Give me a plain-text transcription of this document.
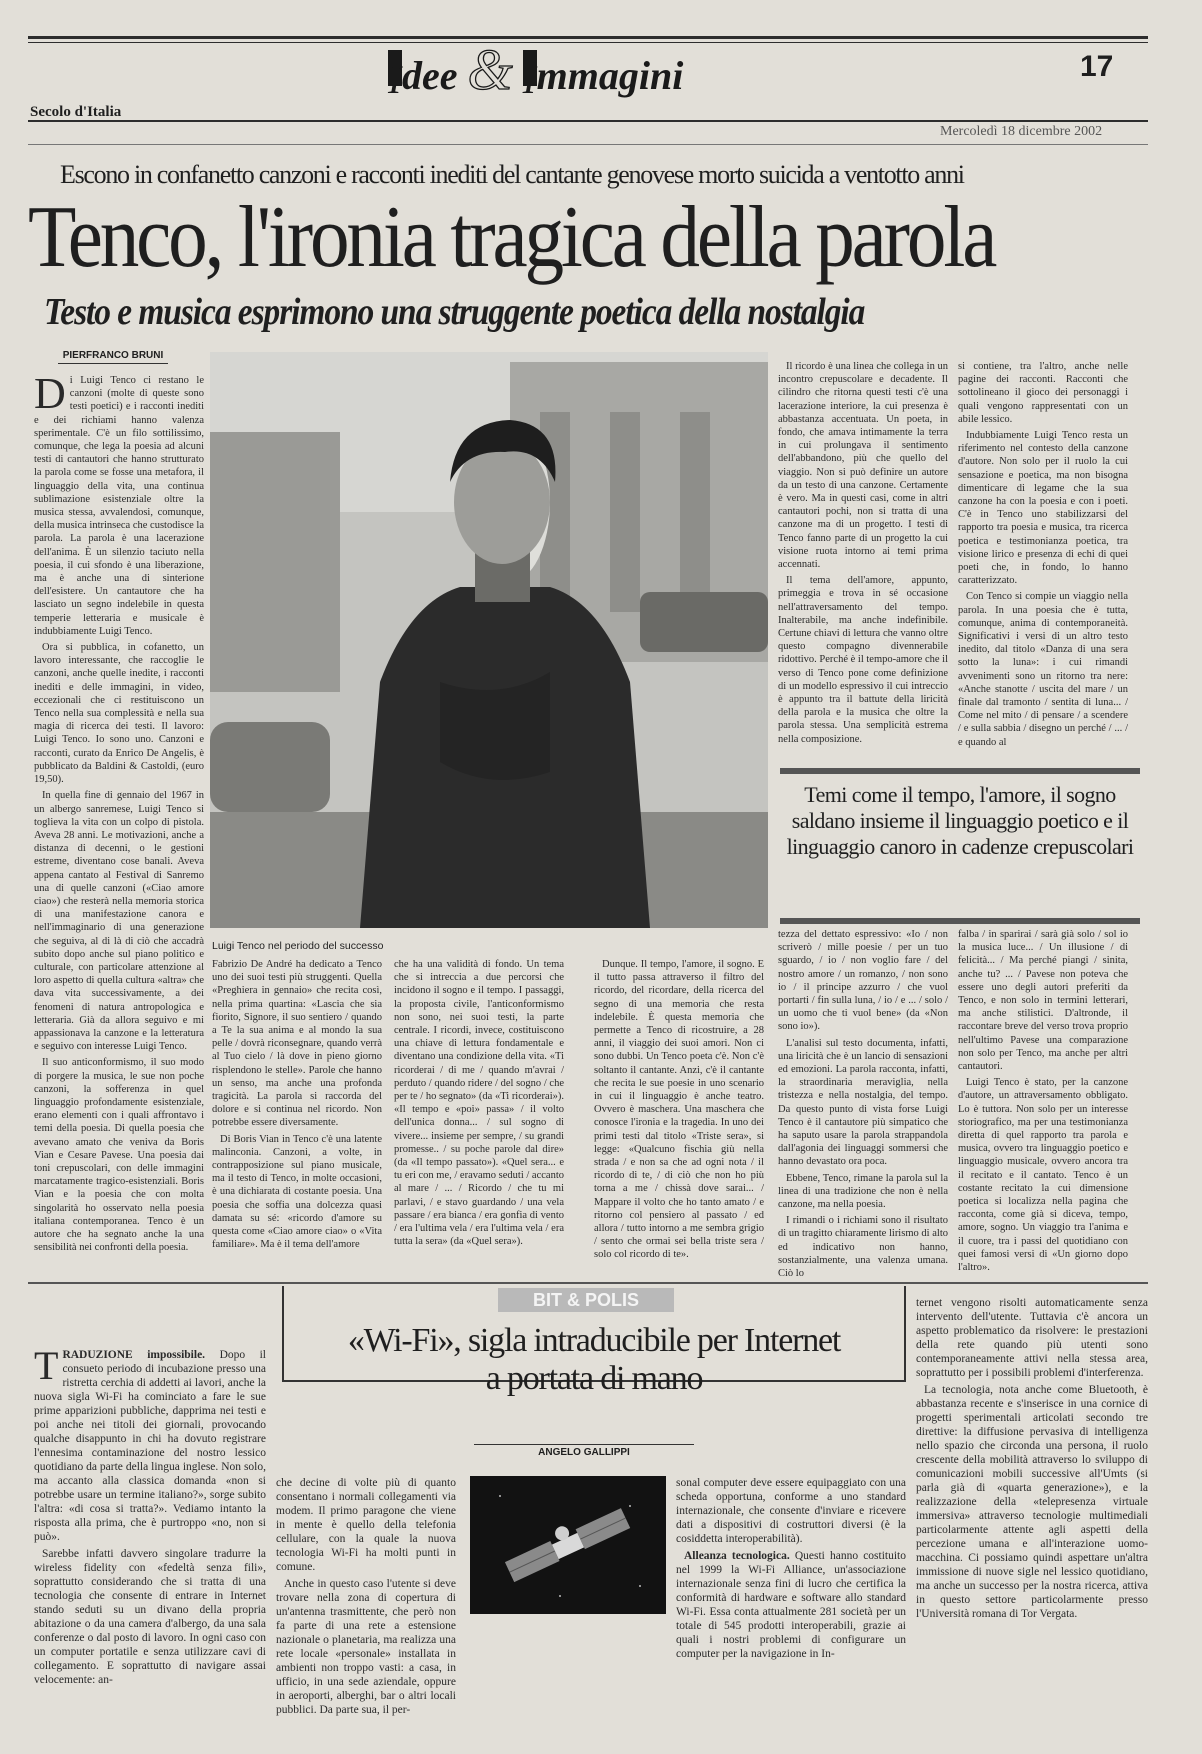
Idee & Immagini	17
Secolo d'Italia
Mercoledì 18 dicembre 2002
Escono in confanetto canzoni e racconti inediti del cantante genovese morto suicida a ventotto anni
Tenco, l'ironia tragica della parola
Testo e musica esprimono una struggente poetica della nostalgia
PIERFRANCO BRUNI

Di Luigi Tenco ci restano le canzoni (molte di queste sono testi poetici) e i racconti inediti e dei richiami hanno valenza sperimentale. C'è un filo sottilissimo, comunque, che lega la poesia ad alcuni testi di cantautori che hanno strutturato la parola come se fosse una metafora, il linguaggio della vita, una continua sublimazione esistenziale oltre la musica stessa, avvalendosi, comunque, della musica intrinseca che custodisce la parola. La parola è una lacerazione dell'anima. È un silenzio taciuto nella poesia, il cui sfondo è una liberazione, ma è anche una di sinterione dell'esistere. Un cantautore che ha lasciato un segno indelebile in questa temperie letteraria e musicale è indubbiamente Luigi Tenco.

Ora si pubblica, in cofanetto, un lavoro interessante, che raccoglie le canzoni, anche quelle inedite, i racconti inediti e delle immagini, in video, eccezionali che ci restituiscono un Tenco nella sua complessità e nella sua magia di ricerca dei testi. Il lavoro: Luigi Tenco. Io sono uno. Canzoni e racconti, curato da Enrico De Angelis, è pubblicato da Baldini & Castoldi, (euro 19,50).

In quella fine di gennaio del 1967 in un albergo sanremese, Luigi Tenco si toglieva la vita con un colpo di pistola. Aveva 28 anni. Le motivazioni, anche a distanza di decenni, o le gestioni estreme, diventano cose banali. Aveva appena cantato al Festival di Sanremo una di quelle canzoni («Ciao amore ciao») che resterà nella memoria storica di una manifestazione canora e nell'immaginario di una generazione che seguiva, al di là di ciò che accadrà subito dopo anche sul piano politico e culturale, con particolare attenzione al loro aspetto di quella cultura «altra» che dava vita successivamente, a dei fenomeni di natura antropologica e letteraria. Già da allora seguivo e mi appassionava la canzone e la letteratura e seguivo con interesse Luigi Tenco.

Il suo anticonformismo, il suo modo di porgere la musica, le sue non poche canzoni, la sofferenza in quel linguaggio profondamente esistenziale, erano elementi con i quali affrontavo i temi della poesia. Di quella poesia che avevano amato che veniva da Boris Vian e Cesare Pavese. Una poesia dai toni crepuscolari, con delle immagini marcatamente tragico-esistenziali. Boris Vian e la poesia che con molta singolarità ho osservato nella poesia italiana contemporanea. Tenco è un autore che ha segnato anche la una sensibilità nei confronti della poesia.

Luigi Tenco nel periodo del successo

Il ricordo è una linea che collega in un incontro crepuscolare e decadente. Il cilindro che ritorna questi testi c'è una lacerazione interiore, la cui presenza è abbastanza accentuata. Un poeta, in fondo, che amava intimamente la terra in cui prolungava il sentimento dell'abbandono, più che quello del viaggio. Non si può definire un autore da un testo di una canzone. Certamente è vero. Ma in questi casi, come in altri cantautori pochi, non si tratta di una canzone ma di un progetto. I testi di Tenco fanno parte di un progetto la cui visione ruota intorno ai temi prima accennati.

Il tema dell'amore, appunto, primeggia e trova in sé occasione nell'attraversamento del tempo. Inalterabile, ma anche indefinibile. Certune chiavi di lettura che vanno oltre questo compagno divennerabile ridottivo. Perché è il tempo-amore che il verso di Tenco pone come definizione di un modello espressivo il cui intreccio è appunto tra il battute della liricità della parola e la musica che oltre la parola stessa. Una semplicità estrema nella composizione.

si contiene, tra l'altro, anche nelle pagine dei racconti. Racconti che sottolineano il gioco dei personaggi i quali vengono rappresentati con un abile lessico.

Indubbiamente Luigi Tenco resta un riferimento nel contesto della canzone d'autore. Non solo per il ruolo la cui sensazione e poetica, ma non bisogna dimenticare di legame che la sua canzone ha con la poesia e con i poeti. C'è in Tenco uno stabilizzarsi del rapporto tra poesia e musica, tra ricerca poetica e testimonianza poetica, tra visione lirico e presenza di echi di quei poeti che, in fondo, lo hanno caratterizzato.

Con Tenco si compie un viaggio nella parola. In una poesia che è tutta, comunque, anima di contemporaneità. Significativi i versi di un altro testo inedito, dal titolo «Danza di una sera sotto la luna»: i cui rimandi avvenimenti sono un ritorno tra nere: «Anche stanotte / uscita del mare / un finale dal tramonto / sentita di luna... / Come nel mito / di pensare / a scendere / e sulla sabbia / disegno un perché / ... / e quando al

Temi come il tempo, l'amore, il sogno saldano insieme il linguaggio poetico e il linguaggio canoro in cadenze crepuscolari

Fabrizio De André ha dedicato a Tenco uno dei suoi testi più struggenti. Quella «Preghiera in gennaio» che recita così, nella prima quartina: «Lascia che sia fiorito, Signore, il suo sentiero / quando a Te la sua anima e al mondo la sua pelle / dovrà riconsegnare, quando verrà al Tuo cielo / là dove in pieno giorno risplendono le stelle». Parole che hanno un senso, ma anche una profonda tragicità. La parola si raccorda del dolore e si continua nel ricordo. Non potrebbe essere diversamente.

Di Boris Vian in Tenco c'è una latente malinconia. Canzoni, a volte, in contrapposizione sul piano musicale, ma il testo di Tenco, in molte occasioni, è una dichiarata di costante poesia. Una poesia che soffia una dolcezza quasi damata su sé: «ricordo d'amore su questa come «Ciao amore ciao» o «Vita familiare». Ma è il tema dell'amore

che ha una validità di fondo. Un tema che si intreccia a due percorsi che incidono il sogno e il tempo. I passaggi, la proposta civile, l'anticonformismo non sono, nei suoi testi, la parte centrale. I ricordi, invece, costituiscono una chiave di lettura fondamentale e diventano una condizione della vita. «Ti ricorderai / di me / quando m'avrai / perduto / quando ridere / del sogno / che per te / ho segnato» (da «Ti ricorderai»). «Il tempo e «poi» passa» / il volto dell'unica donna... / sul sogno di vivere... insieme per sempre, / su grandi promesse.. / su poche parole dal dire» (da «Il tempo passato»). «Quel sera... e tu eri con me, / eravamo seduti / accanto al mare / ... / Ricordo / che tu mi parlavi, / e stavo guardando / una vela passare / era bianca / era gonfia di vento / era l'ultima vela / era l'ultima vela / era tutta la sera» (da «Quel sera»).

Dunque. Il tempo, l'amore, il sogno. E il tutto passa attraverso il filtro del ricordo, del ricordare, della ricerca del segno di una memoria che resta indelebile. È questa memoria che permette a Tenco di ricostruire, a 28 anni, il viaggio dei suoi amori. Non ci sono dubbi. Un Tenco poeta c'è. Non c'è soltanto il cantante. Anzi, c'è il cantante che recita le sue poesie in uno scenario in cui il linguaggio è anche teatro. Ovvero è maschera. Una maschera che conosce l'ironia e la tragedia. In uno dei primi testi dal titolo «Triste sera», si legge: «Qualcuno fischia giù nella strada / e non sa che ad ogni nota / il ricordo di te, / di ciò che non ho più torna a me / chissà dove sarai... / Mappare il volto che ho tanto amato / e ritorno col pensiero al passato / ed allora / tutto intorno a me sembra grigio / sento che ormai sei bella triste sera / solo col ricordo di te».

tezza del dettato espressivo: «Io / non scriverò / mille poesie / per un tuo sguardo, / io / non voglio fare / del nostro amore / un romanzo, / non sono io / il principe azzurro / che vuol portarti / fin sulla luna, / io / e ... / solo / un uomo che ti vuol bene» (da «Non sono io»).

L'analisi sul testo documenta, infatti, una liricità che è un lancio di sensazioni ed emozioni. La parola racconta, infatti, la straordinaria meraviglia, nella tristezza e nella nostalgia, del tempo. Da questo punto di vista forse Luigi Tenco è il cantautore più simpatico che ha saputo usare la parola strappandola dall'agonia dei linguaggi sommersi che hanno devastato ora poca.

Ebbene, Tenco, rimane la parola sul la linea di una tradizione che non è nella canzone, ma nella poesia.

I rimandi o i richiami sono il risultato di un tragitto chiaramente lirismo di alto ed indicativo non hanno, sostanzialmente, una valenza umana. Ciò lo

falba / in sparirai / sarà già solo / sol io la musica luce... / Un illusione / di felicità... / Ma perché piangi / sinita, anche tu? ... / Pavese non poteva che essere uno degli autori preferiti da Tenco, e non solo in termini letterari, ma anche stilistici. D'altronde, il raccontare breve del verso trova proprio nell'ultimo Pavese una comparazione non solo per Tenco, ma anche per altri cantautori.

Luigi Tenco è stato, per la canzone d'autore, un attraversamento obbligato. Lo è tuttora. Non solo per un interesse storiografico, ma per una testimonianza diretta di quel rapporto tra parola e musica, ovvero tra linguaggio poetico e linguaggio musicale, ovvero ancora tra il recitato e il cantato. Tenco è un costante recitato la cui dimensione poetica si localizza nella pagina che racconta, come già si diceva, tempo, amore, sogno. Un viaggio tra l'anima e il cuore, tra i passi del quotidiano con quei famosi versi di «Un giorno dopo l'altro».

BIT & POLIS
«Wi-Fi», sigla intraducibile per Internet a portata di mano
ANGELO GALLIPPI

TRADUZIONE impossibile. Dopo il consueto periodo di incubazione presso una ristretta cerchia di addetti ai lavori, anche la nuova sigla Wi-Fi ha cominciato a fare le sue prime apparizioni pubbliche, dapprima nei testi e poi anche nei titoli dei giornali, provocando qualche disappunto in chi ha dovuto registrare l'ennesima contaminazione del nostro lessico quotidiano da parte della lingua inglese. Non solo, ma accanto alla classica domanda «non si potrebbe usare un termine italiano?», sorge subito l'altra: «di cosa si tratta?». Vediamo intanto la risposta alla prima, che è purtroppo «no, non si può».

Sarebbe infatti davvero singolare tradurre la wireless fidelity con «fedeltà senza fili», soprattutto considerando che si tratta di una tecnologia che consente di entrare in Internet stando seduti su un divano della propria abitazione o da una camera d'albergo, da una sala conferenze o dal posto di lavoro. In ogni caso con un computer portatile e senza utilizzare cavi di collegamento. E soprattutto di navigare assai velocemente: an-

che decine di volte più di quanto consentano i normali collegamenti via modem. Il primo paragone che viene in mente è quello della telefonia cellulare, con la quale la nuova tecnologia Wi-Fi ha molti punti in comune.

Anche in questo caso l'utente si deve trovare nella zona di copertura di un'antenna trasmittente, che però non fa parte di una rete a estensione nazionale o planetaria, ma realizza una rete locale «personale» installata in ambienti non troppo vasti: a casa, in ufficio, in una sede aziendale, oppure in aeroporti, alberghi, bar o altri locali pubblici. Da parte sua, il per-

sonal computer deve essere equipaggiato con una scheda opportuna, conforme a uno standard internazionale, che consente d'inviare e ricevere dati a dispositivi di costruttori diversi (è la cosiddetta interoperabilità).

Alleanza tecnologica. Questi hanno costituito nel 1999 la Wi-Fi Alliance, un'associazione internazionale senza fini di lucro che certifica la conformità di hardware e software allo standard Wi-Fi. Essa conta attualmente 281 società per un totale di 545 prodotti interoperabili, grazie ai quali i nostri problemi di configurare un computer per la navigazione in In-

ternet vengono risolti automaticamente senza intervento dell'utente. Tuttavia c'è ancora un aspetto problematico da risolvere: le prestazioni della rete quando più utenti sono contemporaneamente attivi nella stessa area, soprattutto per i possibili problemi d'interferenza.

La tecnologia, nota anche come Bluetooth, è abbastanza recente e s'inserisce in una cornice di progetti sperimentali articolati secondo tre direttive: la diffusione pervasiva di intelligenza nello spazio che circonda una persona, il ruolo crescente della mobilità attraverso lo sviluppo di comunicazioni mobili successive all'Umts (si parla già di «quarta generazione»), e la realizzazione della «telepresenza virtuale immersiva» attraverso tecnologie multimediali particolarmente attente agli aspetti della percezione umana e all'interazione uomo-macchina. Ci possiamo quindi aspettare un'altra immissione di nuove sigle nel lessico quotidiano, ma anche un successo per la nostra ricerca, attiva in questo settore particolarmente presso l'Università romana di Tor Vergata.
